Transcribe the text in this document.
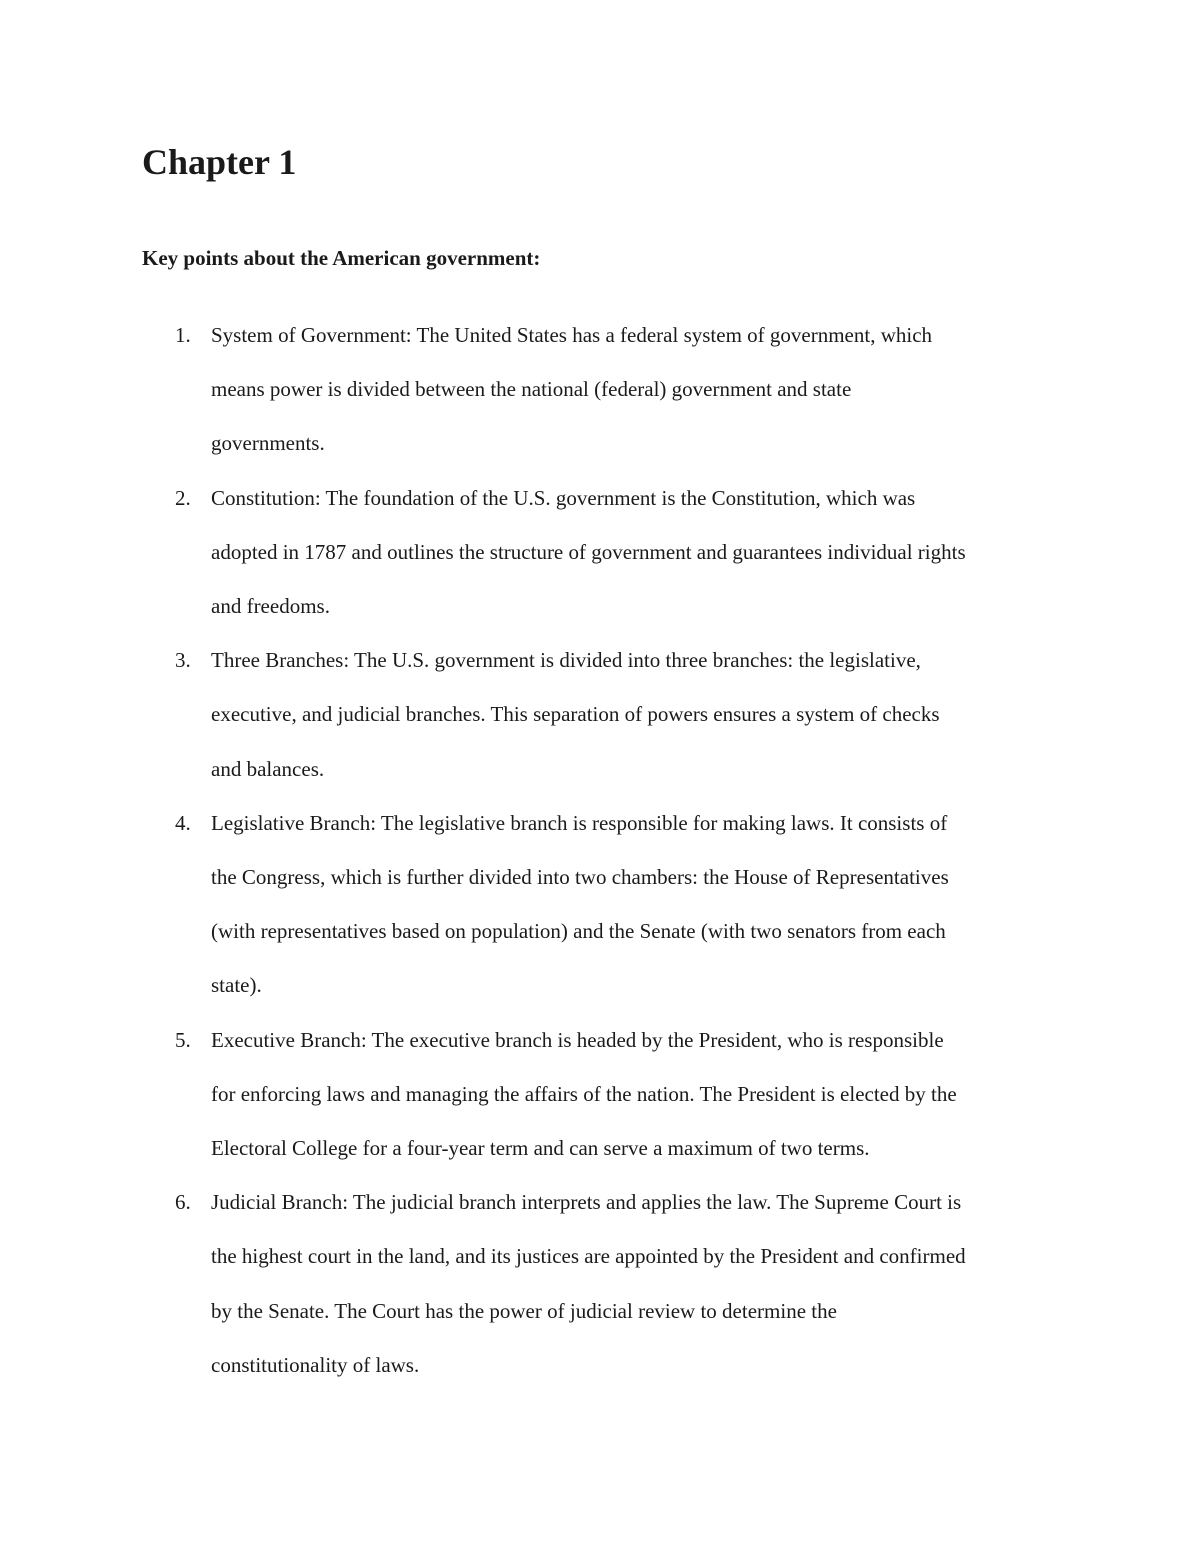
Chapter 1
Key points about the American government:
1. System of Government: The United States has a federal system of government, which
means power is divided between the national (federal) government and state
governments.
2. Constitution: The foundation of the U.S. government is the Constitution, which was
adopted in 1787 and outlines the structure of government and guarantees individual rights
and freedoms.
3. Three Branches: The U.S. government is divided into three branches: the legislative,
executive, and judicial branches. This separation of powers ensures a system of checks
and balances.
4. Legislative Branch: The legislative branch is responsible for making laws. It consists of
the Congress, which is further divided into two chambers: the House of Representatives
(with representatives based on population) and the Senate (with two senators from each
state).
5. Executive Branch: The executive branch is headed by the President, who is responsible
for enforcing laws and managing the affairs of the nation. The President is elected by the
Electoral College for a four-year term and can serve a maximum of two terms.
6. Judicial Branch: The judicial branch interprets and applies the law. The Supreme Court is
the highest court in the land, and its justices are appointed by the President and confirmed
by the Senate. The Court has the power of judicial review to determine the
constitutionality of laws.
